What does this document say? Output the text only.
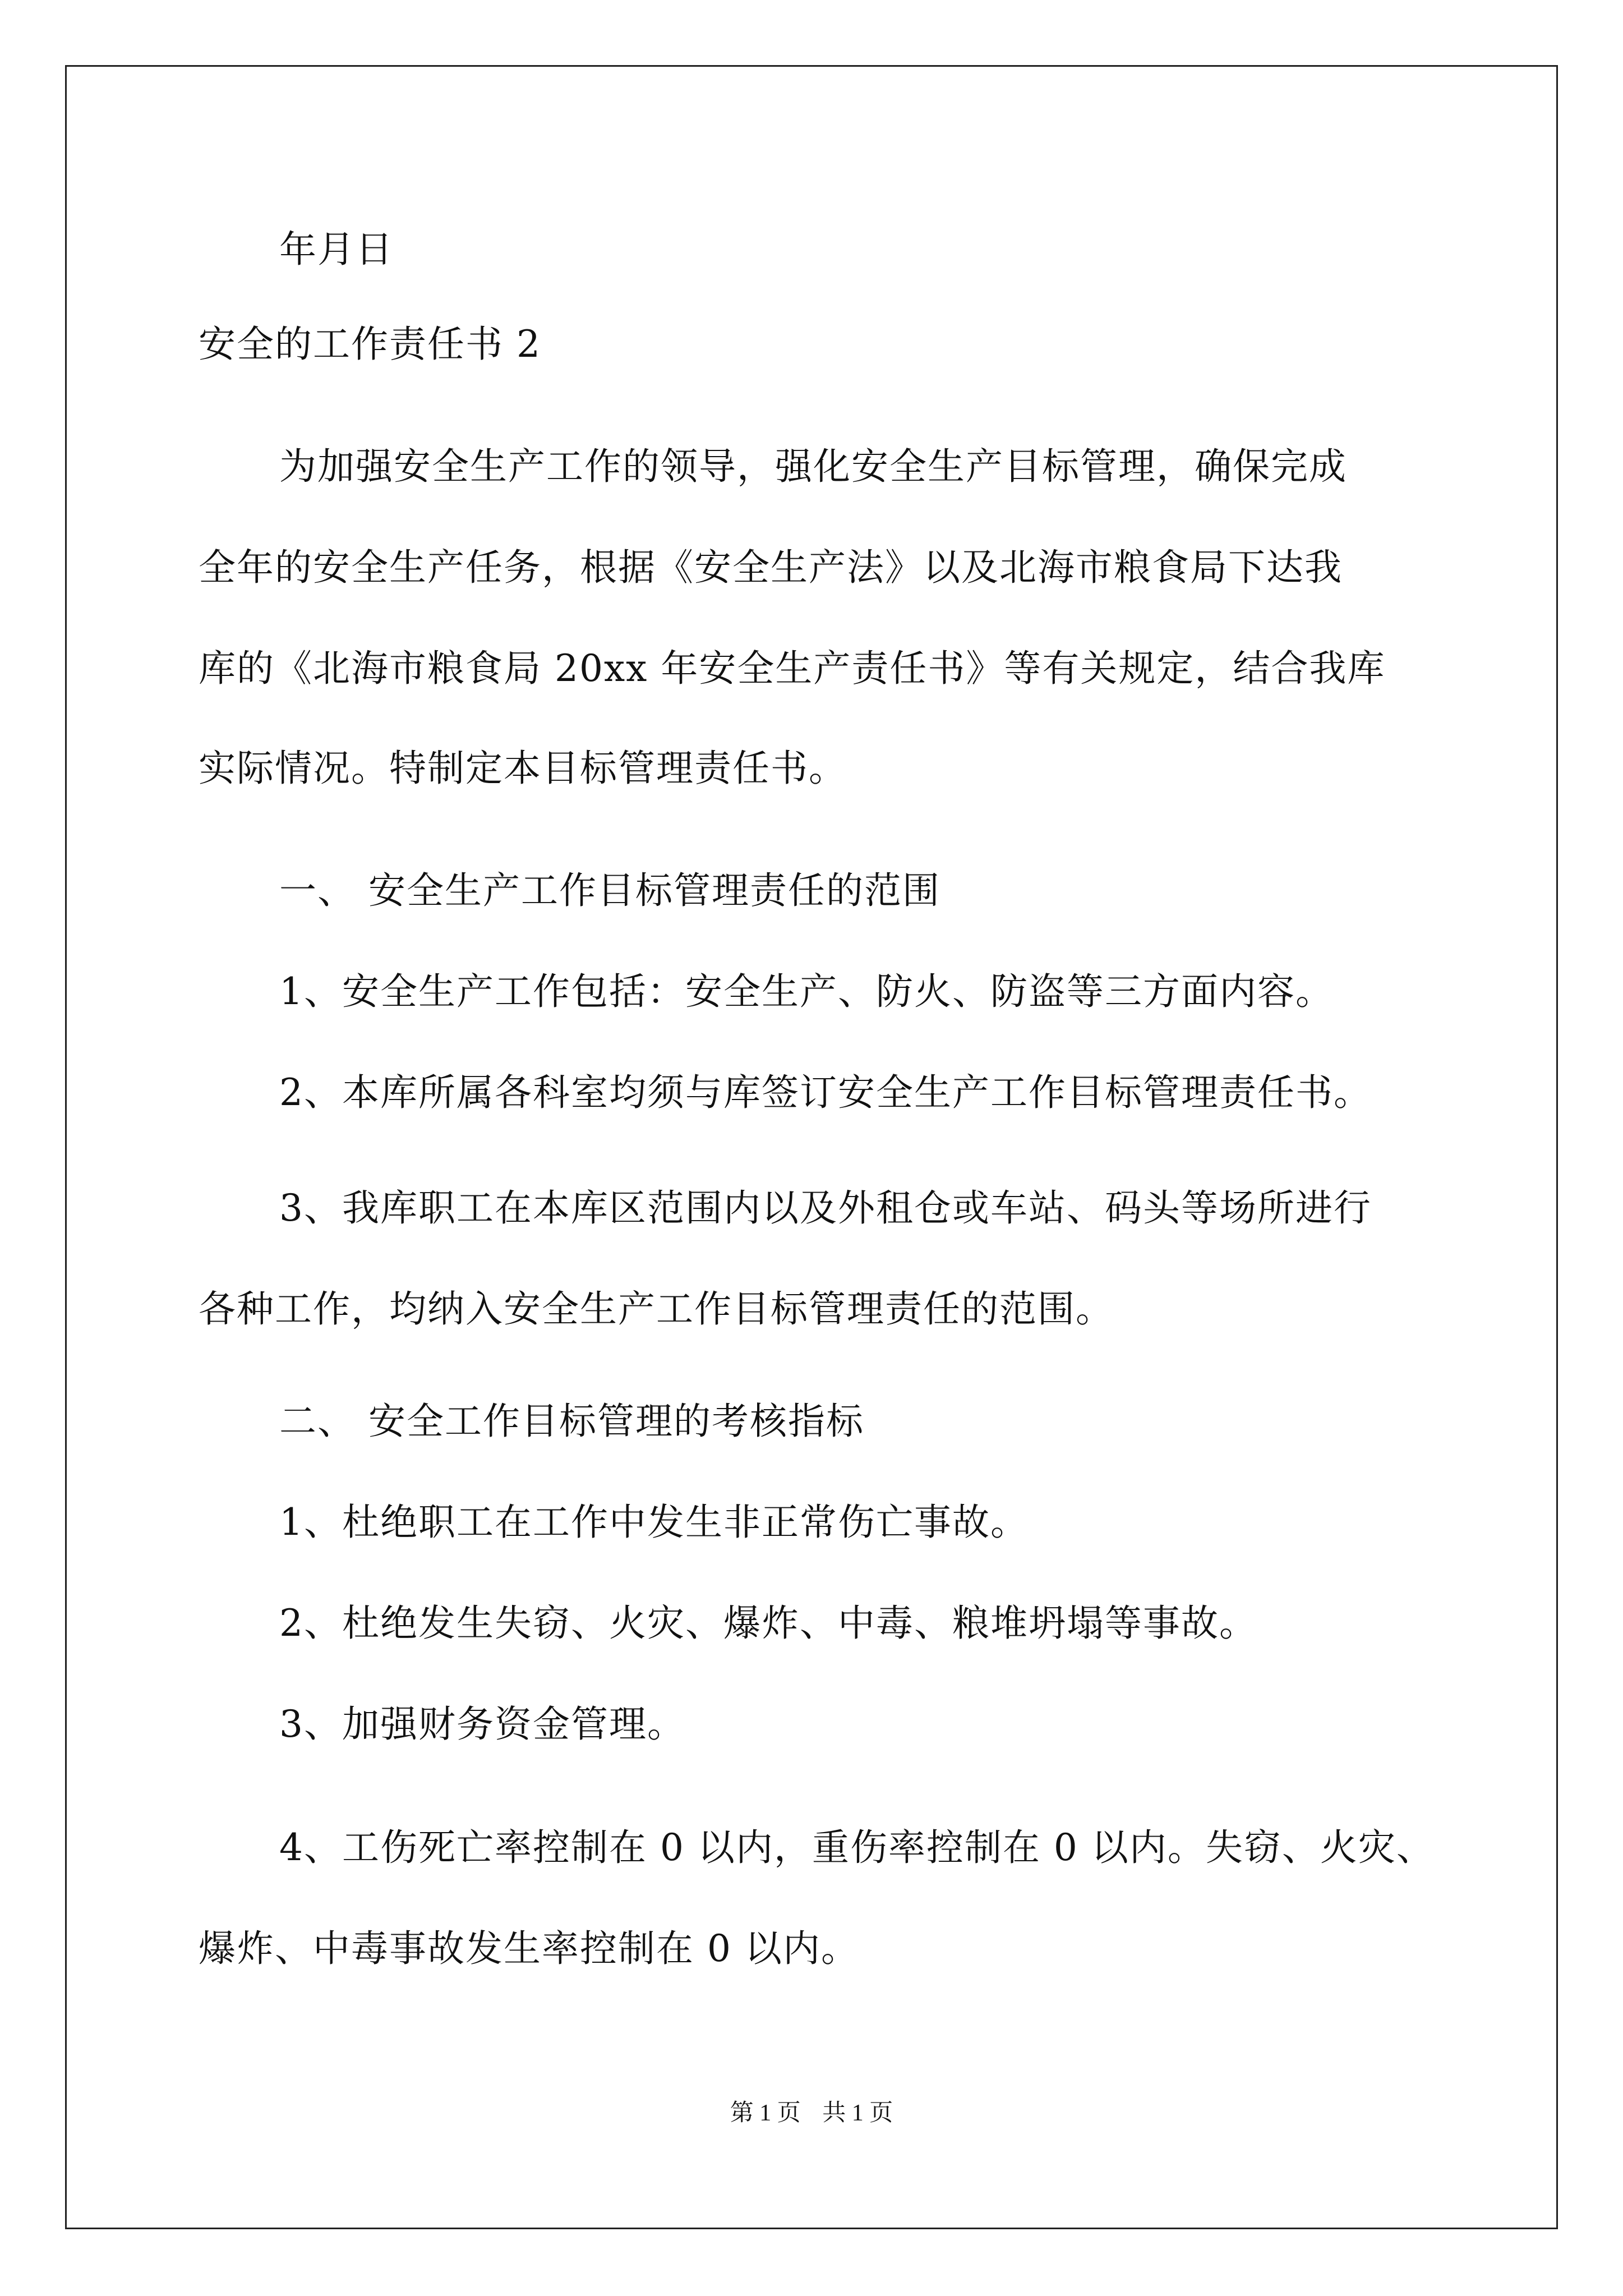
年月日
安全的工作责任书 2
为加强安全生产工作的领导，强化安全生产目标管理，确保完成
全年的安全生产任务，根据《安全生产法》以及北海市粮食局下达我
库的《北海市粮食局 20xx 年安全生产责任书》等有关规定，结合我库
实际情况。特制定本目标管理责任书。
一、 安全生产工作目标管理责任的范围
1、安全生产工作包括：安全生产、防火、防盗等三方面内容。
2、本库所属各科室均须与库签订安全生产工作目标管理责任书。
3、我库职工在本库区范围内以及外租仓或车站、码头等场所进行
各种工作，均纳入安全生产工作目标管理责任的范围。
二、 安全工作目标管理的考核指标
1、杜绝职工在工作中发生非正常伤亡事故。
2、杜绝发生失窃、火灾、爆炸、中毒、粮堆坍塌等事故。
3、加强财务资金管理。
4、工伤死亡率控制在 0 以内，重伤率控制在 0 以内。失窃、火灾、
爆炸、中毒事故发生率控制在 0 以内。
第 1 页 共 1 页
